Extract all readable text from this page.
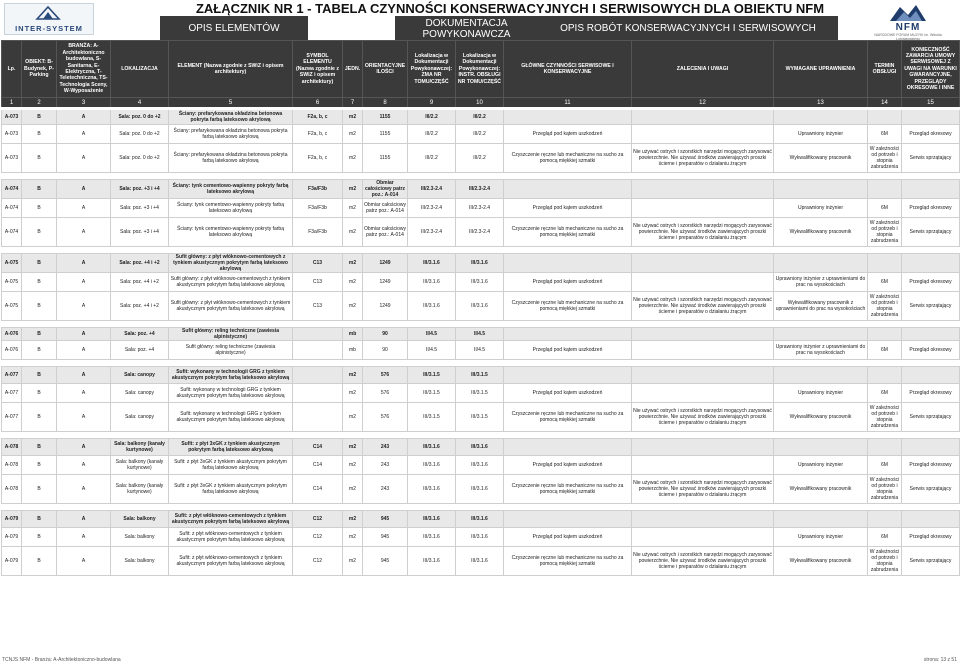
INTER-SYSTEM
ZAŁĄCZNIK NR 1 - TABELA CZYNNOŚCI KONSERWACYJNYCH I SERWISOWYCH DLA OBIEKTU NFM
OPIS ELEMENTÓW	DOKUMENTACJA POWYKONAWCZA	OPIS ROBÓT KONSERWACYJNYCH I SERWISOWYCH	NFM
NARODOWE FORUM MUZYKI im. Witolda Lutosławskiego
Lp.	OBIEKT: B-Budynek, P-Parking	BRANŻA: A-Architektoniczno budowlana, S-Sanitarna, E-Elektryczna, T-Teletechniczna, TS-Technologia Sceny, W-Wyposażenie	LOKALIZACJA	ELEMENT (Nazwa zgodnie z SWiZ i opisem architektury)	SYMBOL ELEMENTU (Nazwa zgodnie z SWiZ i opisem architektury)	JEDN.	ORIENTACYJNE ILOŚCI	Lokalizacja w Dokumentacji Powykonawczej: ZMA NR TOMU/CZĘŚĆ	Lokalizacja w Dokumentacji Powykonawczej: INSTR. OBSŁUGI NR TOMU/CZĘŚĆ	GŁÓWNE CZYNNOŚCI SERWISOWE I KONSERWACYJNE	ZALECENIA I UWAGI	WYMAGANE UPRAWNIENIA	TERMIN OBSŁUGI	KONIECZNOŚĆ ZAWARCIA UMOWY SERWISOWEJ Z UWAGI NA WARUNKI GWARANCYJNE, PRZEGLĄDY OKRESOWE I INNE
1	2	3	4	5	6	7	8	9	10	11	12	13	14	15
A-073	B	A	Sala: poz. 0 do +2	Ściany: prefarykowana okładzina betonowa pokryta farbą lateksowo akrylową	F2a, b, c	m2	1155	III/2.2	III/2.2					
A-073	B	A	Sala: poz. 0 do +2	Ściany: prefarykowana okładzina betonowa pokryta farbą lateksowo akrylową	F2a, b, c	m2	1155	III/2.2	III/2.2	Przegląd pod kątem uszkodzeń		Uprawniony inżynier	6M	Przegląd okresowy
A-073	B	A	Sala: poz. 0 do +2	Ściany: prefarykowana okładzina betonowa pokryta farbą lateksowo akrylową	F2a, b, c	m2	1155	III/2.2	III/2.2	Czyszczenie ręczne lub mechaniczne na sucho za pomocą miękkiej szmatki	Nie używać ostrych i szorstkich narzędzi mogących zarysować powierzchnie. Nie używać środków zawierających proszki ścierne i preparatów o działaniu żrącym	Wykwalifikowany pracownik	W zależności od potrzeb i stopnia zabrudzenia	Serwis sprzątający

A-074	B	A	Sala: poz. +3 i +4	Ściany: tynk cementowo-wapienny pokryty farbą lateksowo akrylową	F3a/F3b	m2	Obmiar całościowy patrz poz.: A-014	III/2.3-2.4	III/2.3-2.4					
A-074	B	A	Sala: poz. +3 i +4	Ściany: tynk cementowo-wapienny pokryty farbą lateksowo akrylową	F3a/F3b	m2	Obmiar całościowy patrz poz.: A-014	III/2.3-2.4	III/2.3-2.4	Przegląd pod kątem uszkodzeń		Uprawniony inżynier	6M	Przegląd okresowy
A-074	B	A	Sala: poz. +3 i +4	Ściany: tynk cementowo-wapienny pokryty farbą lateksowo akrylową	F3a/F3b	m2	Obmiar całościowy patrz poz.: A-014	III/2.3-2.4	III/2.3-2.4	Czyszczenie ręczne lub mechaniczne na sucho za pomocą miękkiej szmatki	Nie używać ostrych i szorstkich narzędzi mogących zarysować powierzchnie. Nie używać środków zawierających proszki ścierne i preparatów o działaniu żrącym	Wykwalifikowany pracownik	W zależności od potrzeb i stopnia zabrudzenia	Serwis sprzątający

A-075	B	A	Sala: poz. +4 i +2	Sufit główny: z płyt włóknowo-cementowych z tynkiem akustycznym pokrytym farbą lateksowo akrylową	C13	m2	1249	III/3.1.6	III/3.1.6					
A-075	B	A	Sala: poz. +4 i +2	Sufit główny: z płyt włóknowo-cementowych z tynkiem akustycznym pokrytym farbą lateksowo akrylową	C13	m2	1249	III/3.1.6	III/3.1.6	Przegląd pod kątem uszkodzeń		Uprawniony inżynier z uprawnieniami do prac na wysokościach	6M	Przegląd okresowy
A-075	B	A	Sala: poz. +4 i +2	Sufit główny: z płyt włóknowo-cementowych z tynkiem akustycznym pokrytym farbą lateksowo akrylową	C13	m2	1249	III/3.1.6	III/3.1.6	Czyszczenie ręczne lub mechaniczne na sucho za pomocą miękkiej szmatki	Nie używać ostrych i szorstkich narzędzi mogących zarysować powierzchnie. Nie używać środków zawierających proszki ścierne i preparatów o działaniu żrącym	Wykwalifikowany pracownik z uprawnieniami do prac na wysokościach	W zależności od potrzeb i stopnia zabrudzenia	Serwis sprzątający

A-076	B	A	Sala: poz. +4	Sufit główny: reling techniczne (zawiesia alpinistyczne)		mb	90	II/4.5	II/4.5					
A-076	B	A	Sala: poz. +4	Sufit główny: reling techniczne (zawiesia alpinistyczne)		mb	90	II/4.5	II/4.5	Przegląd pod kątem uszkodzeń		Uprawniony inżynier z uprawnieniami do prac na wysokościach	6M	Przegląd okresowy

A-077	B	A	Sala: canopy	Sufit: wykonany w technologii GRG z tynkiem akustycznym pokrytym farbą lateksowo akrylową		m2	576	III/3.1.5	III/3.1.5					
A-077	B	A	Sala: canopy	Sufit: wykonany w technologii GRG z tynkiem akustycznym pokrytym farbą lateksowo akrylową		m2	576	III/3.1.5	III/3.1.5	Przegląd pod kątem uszkodzeń		Uprawniony inżynier	6M	Przegląd okresowy
A-077	B	A	Sala: canopy	Sufit: wykonany w technologii GRG z tynkiem akustycznym pokrytym farbą lateksowo akrylową		m2	576	III/3.1.5	III/3.1.5	Czyszczenie ręczne lub mechaniczne na sucho za pomocą miękkiej szmatki	Nie używać ostrych i szorstkich narzędzi mogących zarysować powierzchnie. Nie używać środków zawierających proszki ścierne i preparatów o działaniu żrącym	Wykwalifikowany pracownik	W zależności od potrzeb i stopnia zabrudzenia	Serwis sprzątający

A-078	B	A	Sala: balkony (kanały kurtynowe)	Sufit: z płyt 3xGK z tynkiem akustycznym pokrytym farbą lateksowo akrylową	C14	m2	243	III/3.1.6	III/3.1.6					
A-078	B	A	Sala: balkony (kanały kurtynowe)	Sufit: z płyt 3xGK z tynkiem akustycznym pokrytym farbą lateksowo akrylową	C14	m2	243	III/3.1.6	III/3.1.6	Przegląd pod kątem uszkodzeń		Uprawniony inżynier	6M	Przegląd okresowy
A-078	B	A	Sala: balkony (kanały kurtynowe)	Sufit: z płyt 3xGK z tynkiem akustycznym pokrytym farbą lateksowo akrylową	C14	m2	243	III/3.1.6	III/3.1.6	Czyszczenie ręczne lub mechaniczne na sucho za pomocą miękkiej szmatki	Nie używać ostrych i szorstkich narzędzi mogących zarysować powierzchnie. Nie używać środków zawierających proszki ścierne i preparatów o działaniu żrącym	Wykwalifikowany pracownik	W zależności od potrzeb i stopnia zabrudzenia	Serwis sprzątający

A-079	B	A	Sala: balkony	Sufit: z płyt włóknowo-cementowych z tynkiem akustycznym pokrytym farbą lateksowo akrylową	C12	m2	945	III/3.1.6	III/3.1.6					
A-079	B	A	Sala: balkony	Sufit: z płyt włóknowo-cementowych z tynkiem akustycznym pokrytym farbą lateksowo akrylową	C12	m2	945	III/3.1.6	III/3.1.6	Przegląd pod kątem uszkodzeń		Uprawniony inżynier	6M	Przegląd okresowy
A-079	B	A	Sala: balkony	Sufit: z płyt włóknowo-cementowych z tynkiem akustycznym pokrytym farbą lateksowo akrylową	C12	m2	945	III/3.1.6	III/3.1.6	Czyszczenie ręczne lub mechaniczne na sucho za pomocą miękkiej szmatki	Nie używać ostrych i szorstkich narzędzi mogących zarysować powierzchnie. Nie używać środków zawierających proszki ścierne i preparatów o działaniu żrącym	Wykwalifikowany pracownik	W zależności od potrzeb i stopnia zabrudzenia	Serwis sprzątający
TCNJS NFM - Branża: A-Architektoniczno-budowlana	strona: 13 z 51
